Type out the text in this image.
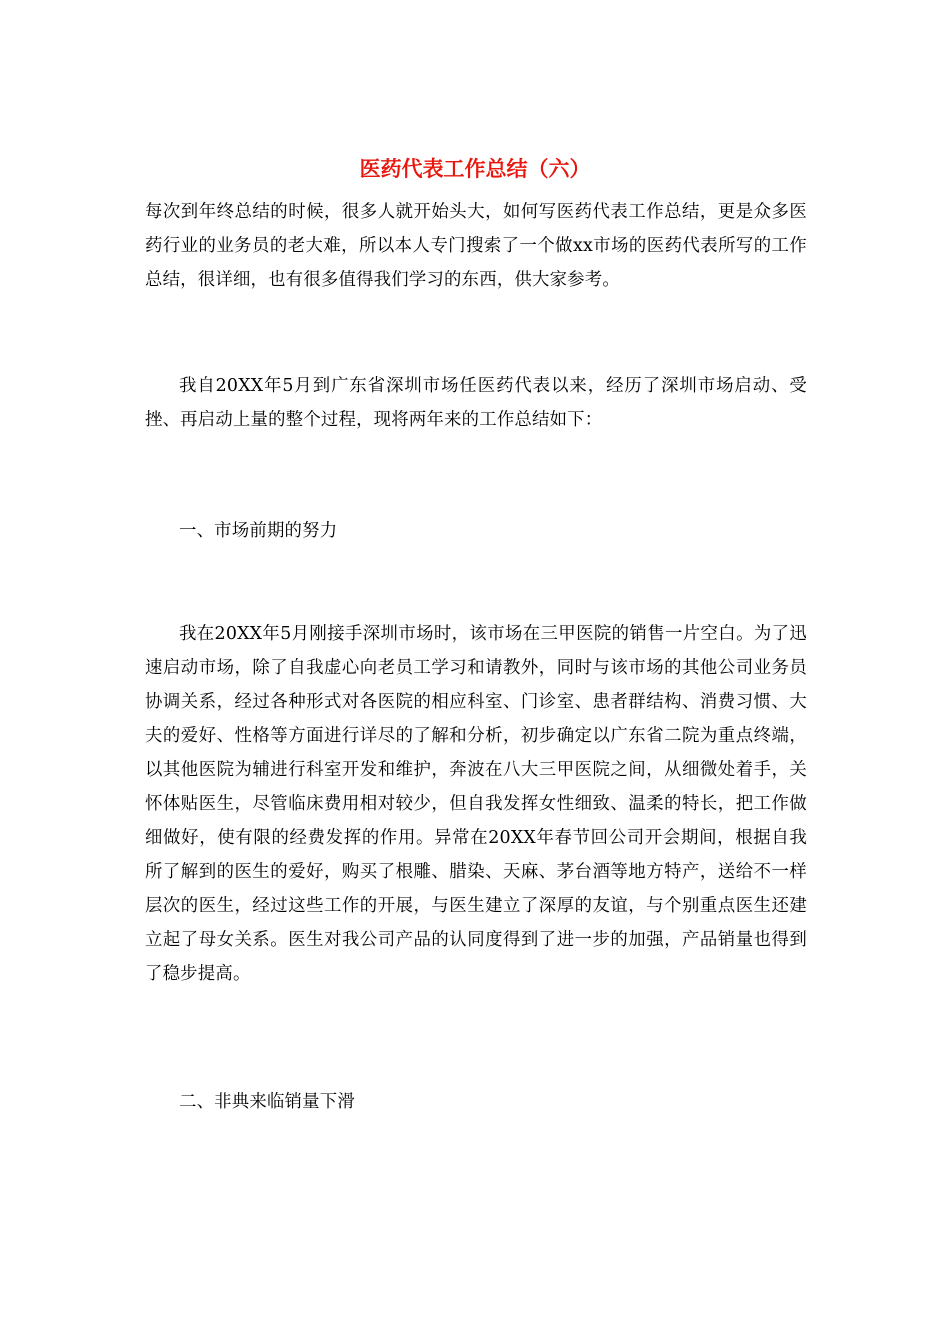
医药代表工作总结（六）

每次到年终总结的时候，很多人就开始头大，如何写医药代表工作总结，更是众多医药行业的业务员的老大难，所以本人专门搜索了一个做xx市场的医药代表所写的工作总结，很详细，也有很多值得我们学习的东西，供大家参考。

我自20XX年5月到广东省深圳市场任医药代表以来，经历了深圳市场启动、受挫、再启动上量的整个过程，现将两年来的工作总结如下：

一、市场前期的努力

我在20XX年5月刚接手深圳市场时，该市场在三甲医院的销售一片空白。为了迅速启动市场，除了自我虚心向老员工学习和请教外，同时与该市场的其他公司业务员协调关系，经过各种形式对各医院的相应科室、门诊室、患者群结构、消费习惯、大夫的爱好、性格等方面进行详尽的了解和分析，初步确定以广东省二院为重点终端，以其他医院为辅进行科室开发和维护，奔波在八大三甲医院之间，从细微处着手，关怀体贴医生，尽管临床费用相对较少，但自我发挥女性细致、温柔的特长，把工作做细做好，使有限的经费发挥的作用。异常在20XX年春节回公司开会期间，根据自我所了解到的医生的爱好，购买了根雕、腊染、天麻、茅台酒等地方特产，送给不一样层次的医生，经过这些工作的开展，与医生建立了深厚的友谊，与个别重点医生还建立起了母女关系。医生对我公司产品的认同度得到了进一步的加强，产品销量也得到了稳步提高。

二、非典来临销量下滑
